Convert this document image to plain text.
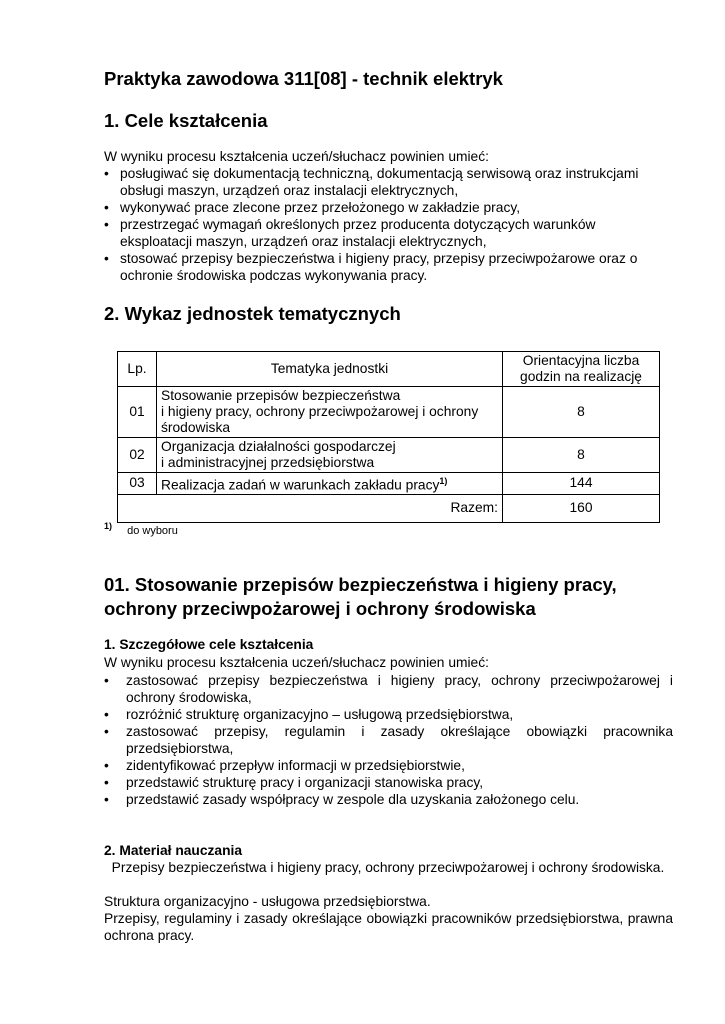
Praktyka zawodowa 311[08] - technik elektryk
1. Cele kształcenia
W wyniku procesu kształcenia uczeń/słuchacz powinien umieć:
• posługiwać się dokumentacją techniczną, dokumentacją serwisową oraz instrukcjami obsługi maszyn, urządzeń oraz instalacji elektrycznych,
• wykonywać prace zlecone przez przełożonego w zakładzie pracy,
• przestrzegać wymagań określonych przez producenta dotyczących warunków eksploatacji maszyn, urządzeń oraz instalacji elektrycznych,
• stosować przepisy bezpieczeństwa i higieny pracy, przepisy przeciwpożarowe oraz o ochronie środowiska podczas wykonywania pracy.
2. Wykaz jednostek tematycznych
Lp.	Tematyka jednostki	Orientacyjna liczba
godzin na realizację

01	Stosowanie przepisów bezpieczeństwa
i higieny pracy, ochrony przeciwpożarowej i ochrony
środowiska	8
02	Organizacja działalności gospodarczej
i administracyjnej przedsiębiorstwa	8
03	Realizacja zadań w warunkach zakładu pracy$^{1)}$	144
Razem:		160
$^{1)}$ do wyboru
01. Stosowanie przepisów bezpieczeństwa i higieny pracy,
ochrony przeciwpożarowej i ochrony środowiska
1. Szczegółowe cele kształcenia
W wyniku procesu kształcenia uczeń/słuchacz powinien umieć:
• zastosować przepisy bezpieczeństwa i higieny pracy, ochrony przeciwpożarowej i ochrony środowiska,
• rozróżnić strukturę organizacyjno – usługową przedsiębiorstwa,
• zastosować przepisy, regulamin i zasady określające obowiązki pracownika przedsiębiorstwa,
• zidentyfikować przepływ informacji w przedsiębiorstwie,
• przedstawić strukturę pracy i organizacji stanowiska pracy,
• przedstawić zasady współpracy w zespole dla uzyskania założonego celu.
2. Materiał nauczania
Przepisy bezpieczeństwa i higieny pracy, ochrony przeciwpożarowej i ochrony środowiska.
Struktura organizacyjno - usługowa przedsiębiorstwa.
Przepisy, regulaminy i zasady określające obowiązki pracowników przedsiębiorstwa, prawna ochrona pracy.
